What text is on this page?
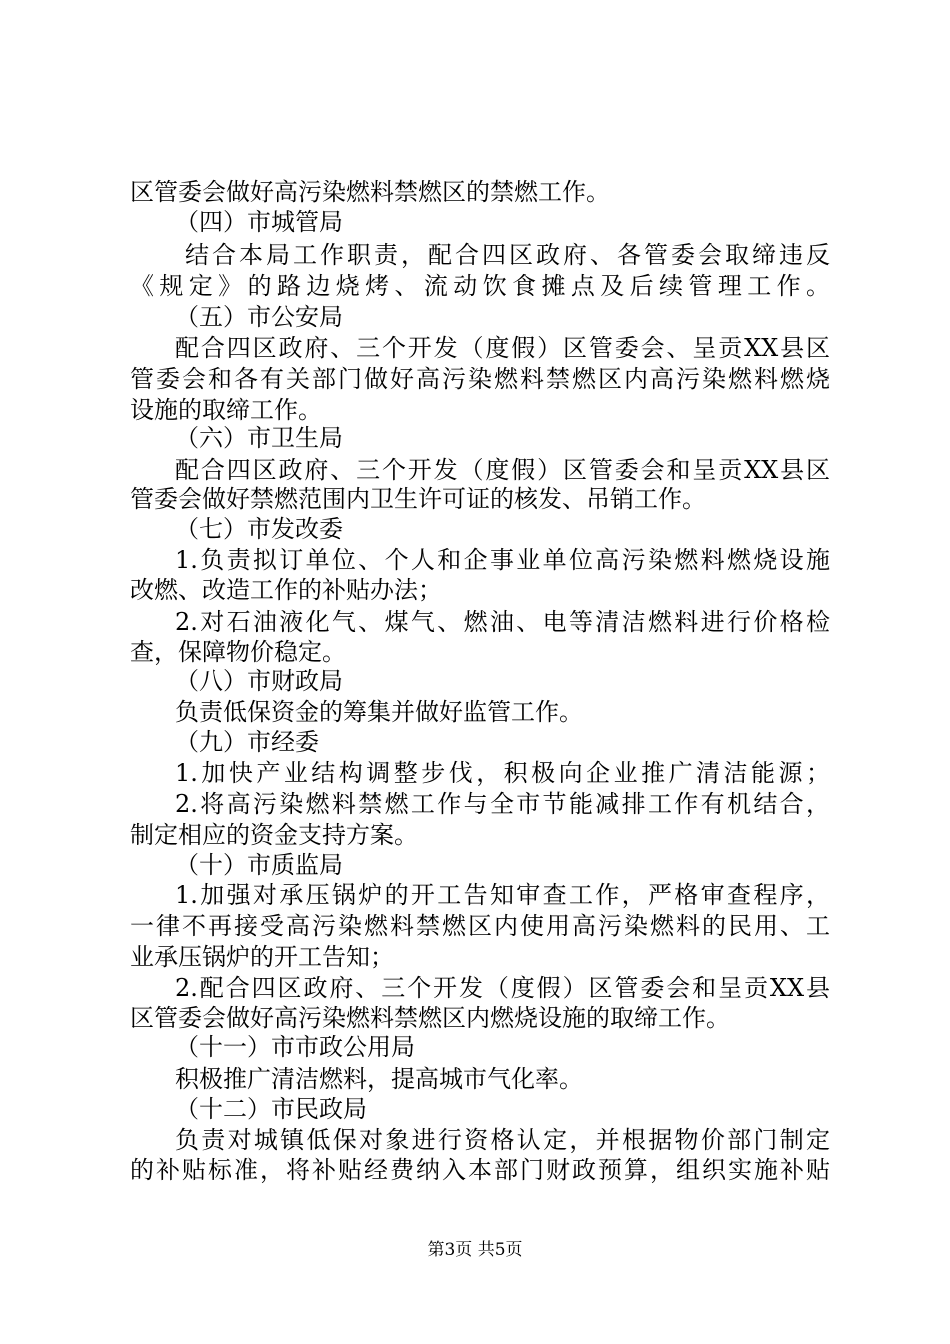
区管委会做好高污染燃料禁燃区的禁燃工作。
（四）市城管局
结合本局工作职责，配合四区政府、各管委会取缔违反
《规定》的路边烧烤、流动饮食摊点及后续管理工作。
（五）市公安局
配合四区政府、三个开发（度假）区管委会、呈贡XX县区
管委会和各有关部门做好高污染燃料禁燃区内高污染燃料燃烧
设施的取缔工作。
（六）市卫生局
配合四区政府、三个开发（度假）区管委会和呈贡XX县区
管委会做好禁燃范围内卫生许可证的核发、吊销工作。
（七）市发改委
1.负责拟订单位、个人和企事业单位高污染燃料燃烧设施
改燃、改造工作的补贴办法；
2.对石油液化气、煤气、燃油、电等清洁燃料进行价格检
查，保障物价稳定。
（八）市财政局
负责低保资金的筹集并做好监管工作。
（九）市经委
1.加快产业结构调整步伐，积极向企业推广清洁能源；
2.将高污染燃料禁燃工作与全市节能减排工作有机结合，
制定相应的资金支持方案。
（十）市质监局
1.加强对承压锅炉的开工告知审查工作，严格审查程序，
一律不再接受高污染燃料禁燃区内使用高污染燃料的民用、工
业承压锅炉的开工告知；
2.配合四区政府、三个开发（度假）区管委会和呈贡XX县
区管委会做好高污染燃料禁燃区内燃烧设施的取缔工作。
（十一）市市政公用局
积极推广清洁燃料，提高城市气化率。
（十二）市民政局
负责对城镇低保对象进行资格认定，并根据物价部门制定
的补贴标准，将补贴经费纳入本部门财政预算，组织实施补贴
第3页 共5页
